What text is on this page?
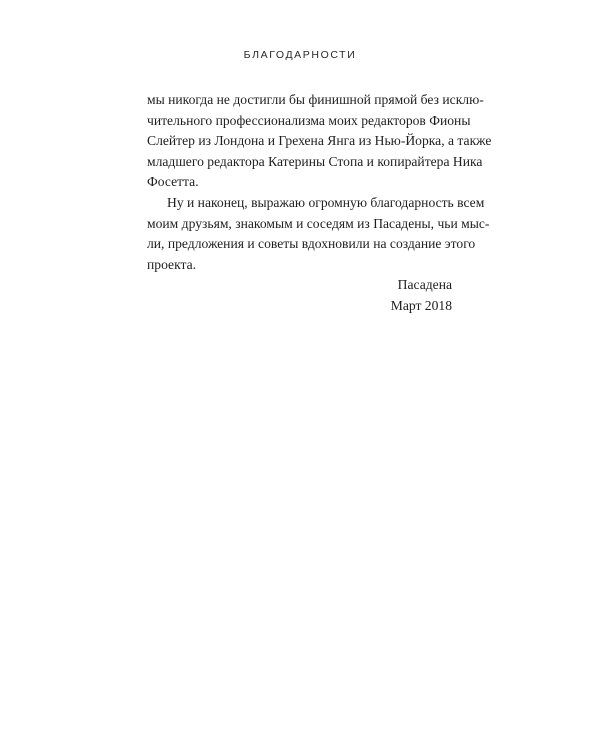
БЛАГОДАРНОСТИ
мы никогда не достигли бы финишной прямой без исклю-
чительного профессионализма моих редакторов Фионы
Слейтер из Лондона и Грехена Янга из Нью-Йорка, а также
младшего редактора Катерины Стопа и копирайтера Ника
Фосетта.
Ну и наконец, выражаю огромную благодарность всем
моим друзьям, знакомым и соседям из Пасадены, чьи мыс-
ли, предложения и советы вдохновили на создание этого
проекта.
Пасадена
Март 2018
